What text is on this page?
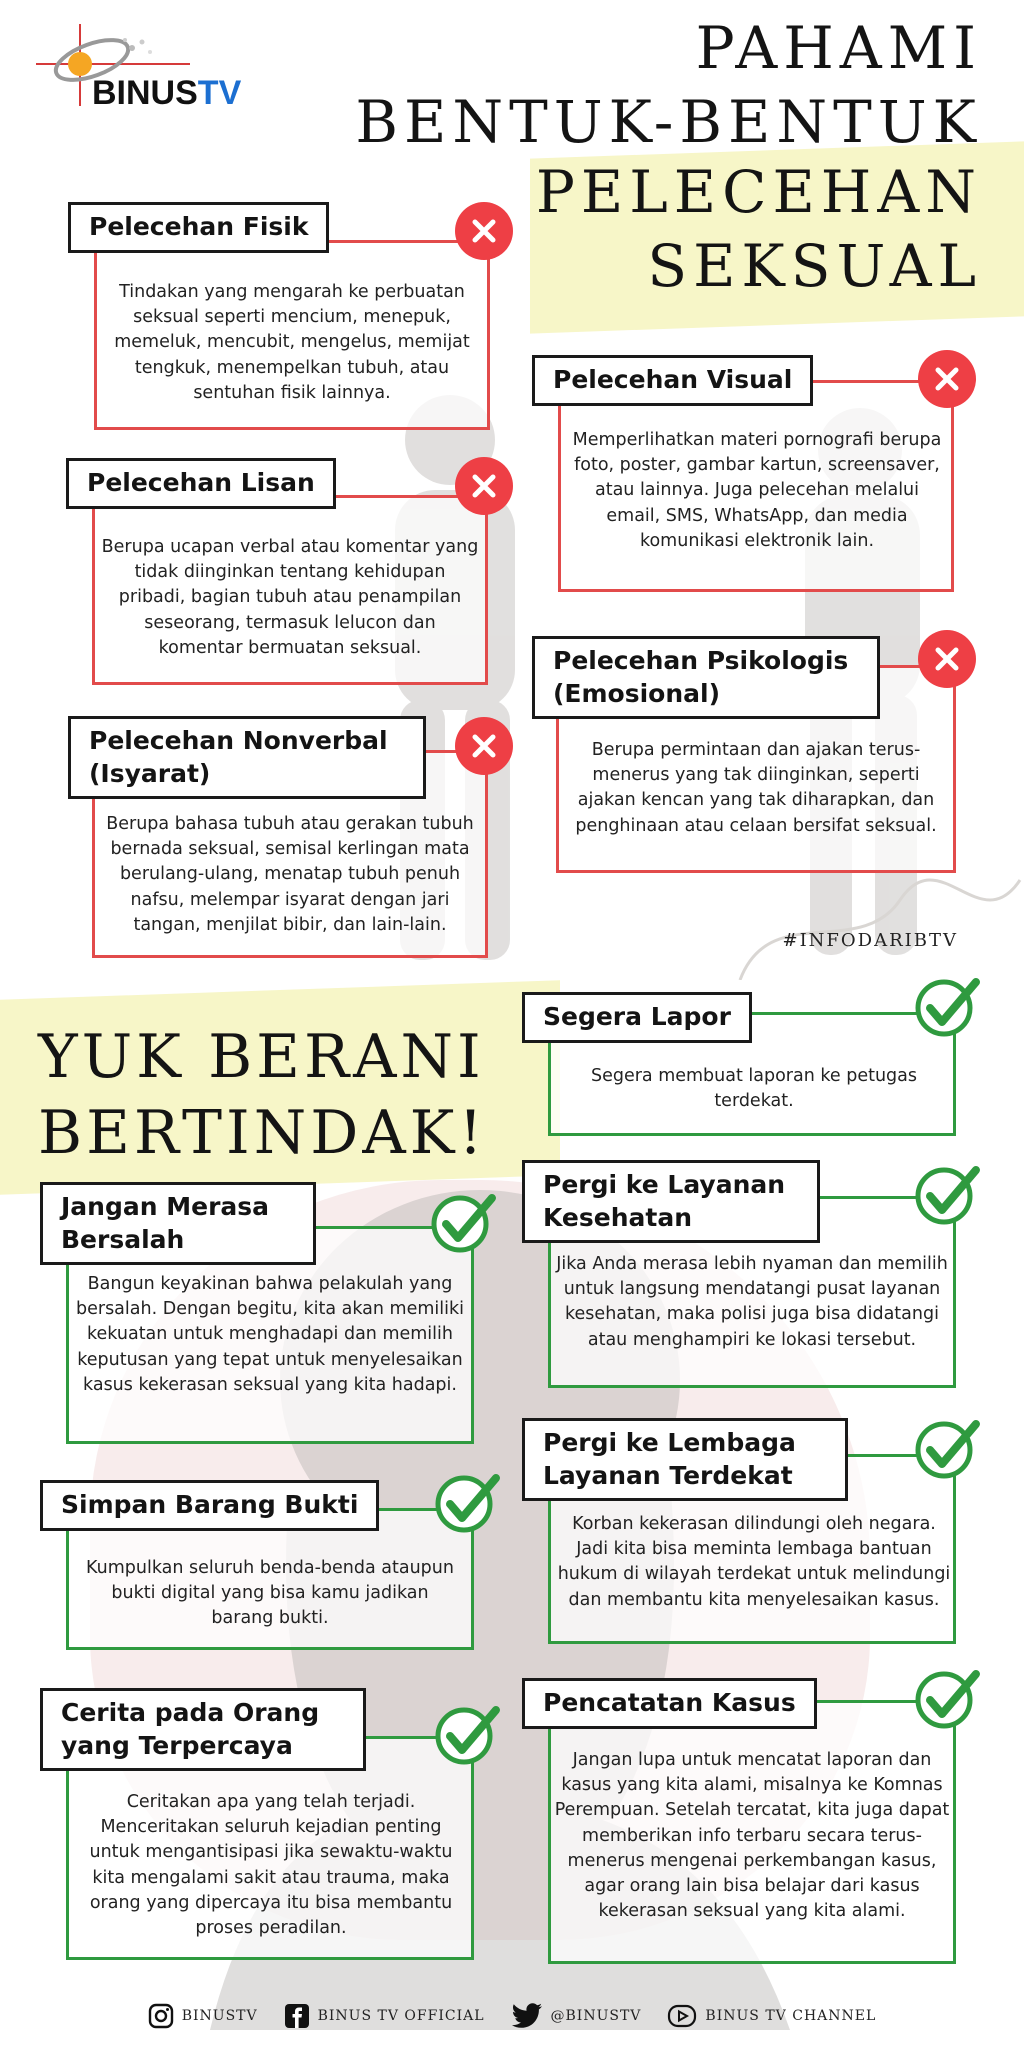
BINUSTV
PAHAMI
BENTUK-BENTUK
PELECEHAN
SEKSUAL
Pelecehan Fisik
Tindakan yang mengarah ke perbuatan seksual seperti mencium, menepuk, memeluk, mencubit, mengelus, memijat tengkuk, menempelkan tubuh, atau sentuhan fisik lainnya.	Pelecehan Visual
Memperlihatkan materi pornografi berupa foto, poster, gambar kartun, screensaver, atau lainnya. Juga pelecehan melalui email, SMS, WhatsApp, dan media komunikasi elektronik lain.
Pelecehan Lisan
Berupa ucapan verbal atau komentar yang tidak diinginkan tentang kehidupan pribadi, bagian tubuh atau penampilan seseorang, termasuk lelucon dan komentar bermuatan seksual.	Pelecehan Psikologis (Emosional)
Berupa permintaan dan ajakan terus-menerus yang tak diinginkan, seperti ajakan kencan yang tak diharapkan, dan penghinaan atau celaan bersifat seksual.
Pelecehan Nonverbal (Isyarat)
Berupa bahasa tubuh atau gerakan tubuh bernada seksual, semisal kerlingan mata berulang-ulang, menatap tubuh penuh nafsu, melempar isyarat dengan jari tangan, menjilat bibir, dan lain-lain.
#INFODARIBTV
YUK BERANI
BERTINDAK!
Segera Lapor
Segera membuat laporan ke petugas terdekat.
Jangan Merasa Bersalah
Bangun keyakinan bahwa pelakulah yang bersalah. Dengan begitu, kita akan memiliki kekuatan untuk menghadapi dan memilih keputusan yang tepat untuk menyelesaikan kasus kekerasan seksual yang kita hadapi.
Pergi ke Layanan Kesehatan
Jika Anda merasa lebih nyaman dan memilih untuk langsung mendatangi pusat layanan kesehatan, maka polisi juga bisa didatangi atau menghampiri ke lokasi tersebut.
Simpan Barang Bukti
Kumpulkan seluruh benda-benda ataupun bukti digital yang bisa kamu jadikan barang bukti.
Pergi ke Lembaga Layanan Terdekat
Korban kekerasan dilindungi oleh negara. Jadi kita bisa meminta lembaga bantuan hukum di wilayah terdekat untuk melindungi dan membantu kita menyelesaikan kasus.
Cerita pada Orang yang Terpercaya
Ceritakan apa yang telah terjadi. Menceritakan seluruh kejadian penting untuk mengantisipasi jika sewaktu-waktu kita mengalami sakit atau trauma, maka orang yang dipercaya itu bisa membantu proses peradilan.
Pencatatan Kasus
Jangan lupa untuk mencatat laporan dan kasus yang kita alami, misalnya ke Komnas Perempuan. Setelah tercatat, kita juga dapat memberikan info terbaru secara terus-menerus mengenai perkembangan kasus, agar orang lain bisa belajar dari kasus kekerasan seksual yang kita alami.
BINUSTV	BINUS TV OFFICIAL	@BINUSTV	BINUS TV CHANNEL
